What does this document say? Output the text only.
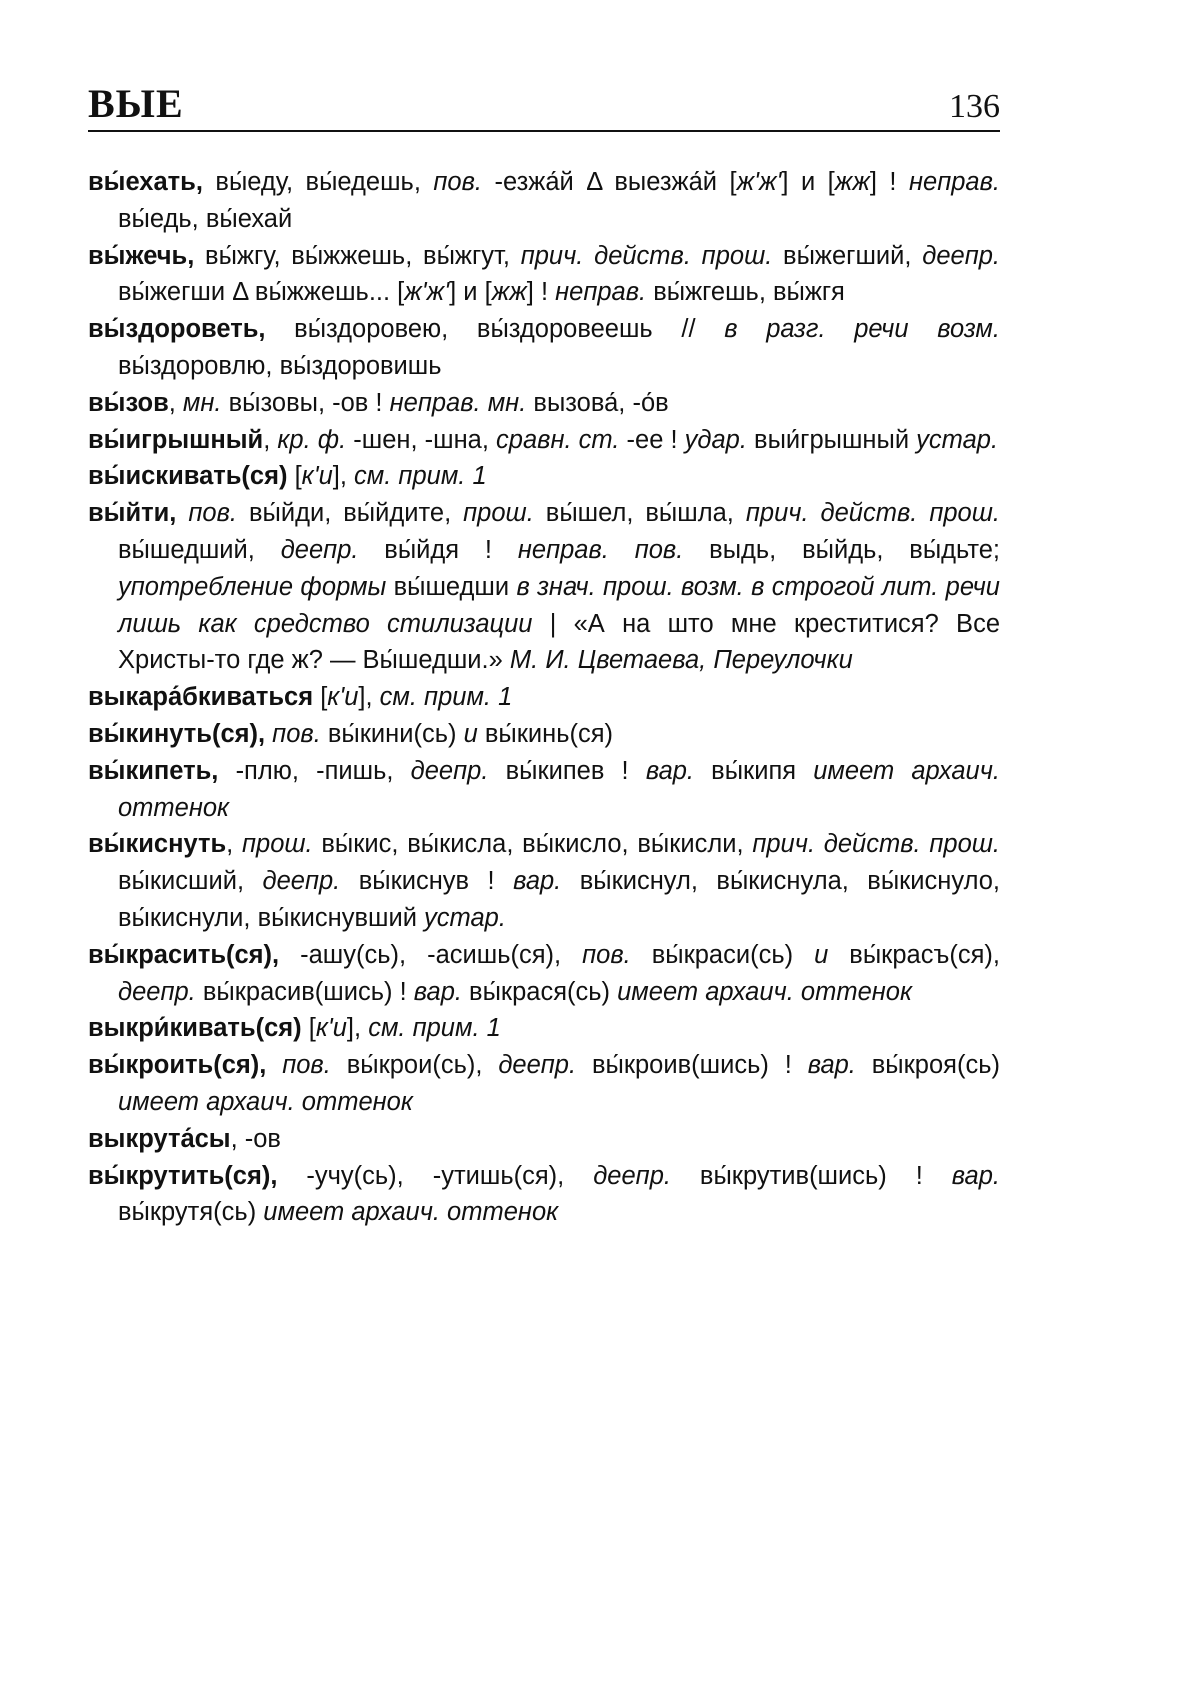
ВЫЕ	136
вы́ехать, вы́еду, вы́едешь, пов. -езжа́й Δ выезжа́й [ж'ж'] и [жж] ! неправ. вы́едь, вы́ехай
вы́жечь, вы́жгу, вы́жжешь, вы́жгут, прич. действ. прош. вы́жегший, деепр. вы́жегши Δ вы́жжешь... [ж'ж'] и [жж] ! неправ. вы́жгешь, вы́жгя
вы́здороветь, вы́здоровею, вы́здоровеешь // в разг. речи возм. вы́здоровлю, вы́здоровишь
вы́зов, мн. вы́зовы, -ов ! неправ. мн. вызова́, -о́в
вы́игрышный, кр. ф. -шен, -шна, сравн. ст. -ее ! удар. выи́грышный устар.
вы́искивать(ся) [к'и], см. прим. 1
вы́йти, пов. вы́йди, вы́йдите, прош. вы́шел, вы́шла, прич. действ. прош. вы́шедший, деепр. вы́йдя ! неправ. пов. выдь, вы́йдь, вы́дьте; употребление формы вы́шедши в знач. прош. возм. в строгой лит. речи лишь как средство стилизации | «А на што мне креститися? Все Христы-то где ж? — Вы́шедши.» М. И. Цветаева, Переулочки
выкара́бкиваться [к'и], см. прим. 1
вы́кинуть(ся), пов. вы́кини(сь) и вы́кинь(ся)
вы́кипеть, -плю, -пишь, деепр. вы́кипев ! вар. вы́кипя имеет архаич. оттенок
вы́киснуть, прош. вы́кис, вы́кисла, вы́кисло, вы́кисли, прич. действ. прош. вы́кисший, деепр. вы́киснув ! вар. вы́киснул, вы́киснула, вы́киснуло, вы́киснули, вы́киснувший устар.
вы́красить(ся), -ашу(сь), -асишь(ся), пов. вы́краси(сь) и вы́красъ(ся), деепр. вы́красив(шись) ! вар. вы́крася(сь) имеет архаич. оттенок
выкри́кивать(ся) [к'и], см. прим. 1
вы́кроить(ся), пов. вы́крои(сь), деепр. вы́кроив(шись) ! вар. вы́кроя(сь) имеет архаич. оттенок
выкрута́сы, -ов
вы́крутить(ся), -учу(сь), -утишь(ся), деепр. вы́крутив(шись) ! вар. вы́крутя(сь) имеет архаич. оттенок
